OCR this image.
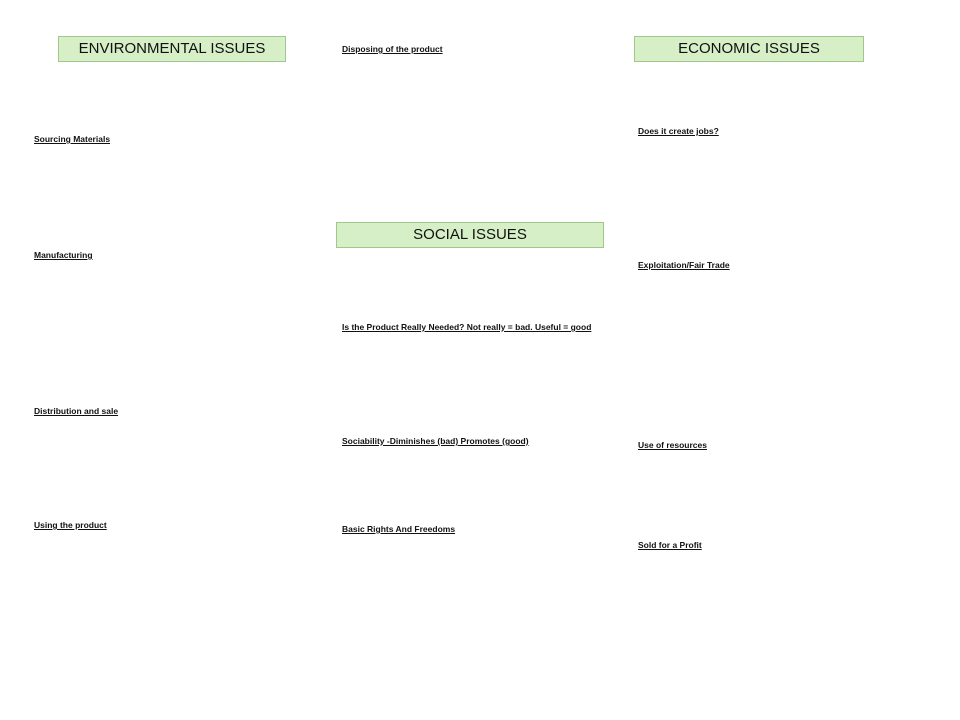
ENVIRONMENTAL ISSUES
Sourcing Materials
Manufacturing
Distribution and sale
Using the product
Disposing of the product
SOCIAL ISSUES
Is the Product Really Needed? Not really = bad. Useful = good
Sociability -Diminishes (bad) Promotes (good)
Basic Rights And Freedoms
ECONOMIC ISSUES
Does it create jobs?
Exploitation/Fair Trade
Use of resources
Sold for a Profit
